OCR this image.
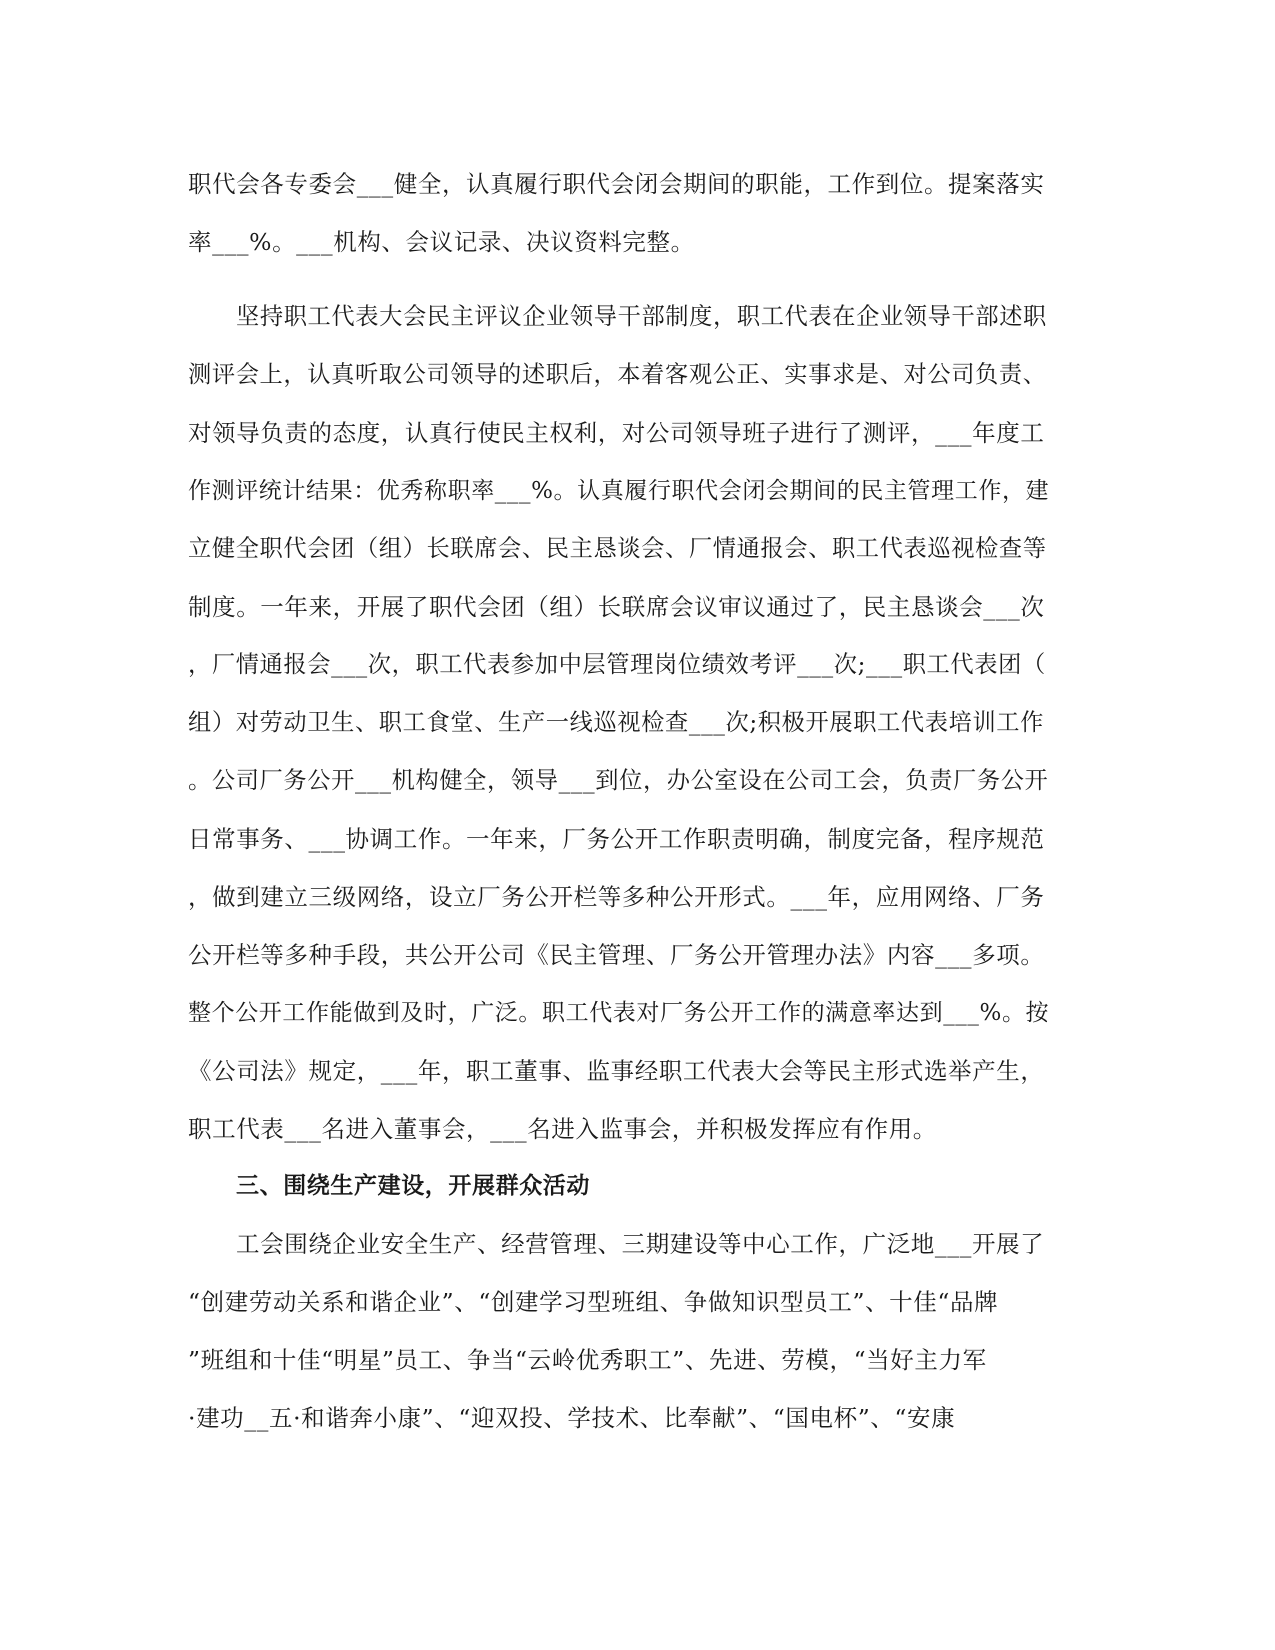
职代会各专委会___健全，认真履行职代会闭会期间的职能，工作到位。提案落实
率___%。___机构、会议记录、决议资料完整。
坚持职工代表大会民主评议企业领导干部制度，职工代表在企业领导干部述职
测评会上，认真听取公司领导的述职后，本着客观公正、实事求是、对公司负责、
对领导负责的态度，认真行使民主权利，对公司领导班子进行了测评，___年度工
作测评统计结果：优秀称职率___%。认真履行职代会闭会期间的民主管理工作，建
立健全职代会团（组）长联席会、民主恳谈会、厂情通报会、职工代表巡视检查等
制度。一年来，开展了职代会团（组）长联席会议审议通过了，民主恳谈会___次
，厂情通报会___次，职工代表参加中层管理岗位绩效考评___次;___职工代表团（
组）对劳动卫生、职工食堂、生产一线巡视检查___次;积极开展职工代表培训工作
。公司厂务公开___机构健全，领导___到位，办公室设在公司工会，负责厂务公开
日常事务、___协调工作。一年来，厂务公开工作职责明确，制度完备，程序规范
，做到建立三级网络，设立厂务公开栏等多种公开形式。___年，应用网络、厂务
公开栏等多种手段，共公开公司《民主管理、厂务公开管理办法》内容___多项。
整个公开工作能做到及时，广泛。职工代表对厂务公开工作的满意率达到___%。按
《公司法》规定，___年，职工董事、监事经职工代表大会等民主形式选举产生，
职工代表___名进入董事会，___名进入监事会，并积极发挥应有作用。
三、围绕生产建设，开展群众活动
工会围绕企业安全生产、经营管理、三期建设等中心工作，广泛地___开展了
“创建劳动关系和谐企业”、“创建学习型班组、争做知识型员工”、十佳“品牌
”班组和十佳“明星”员工、争当“云岭优秀职工”、先进、劳模，“当好主力军
·建功__五·和谐奔小康”、“迎双投、学技术、比奉献”、“国电杯”、“安康
